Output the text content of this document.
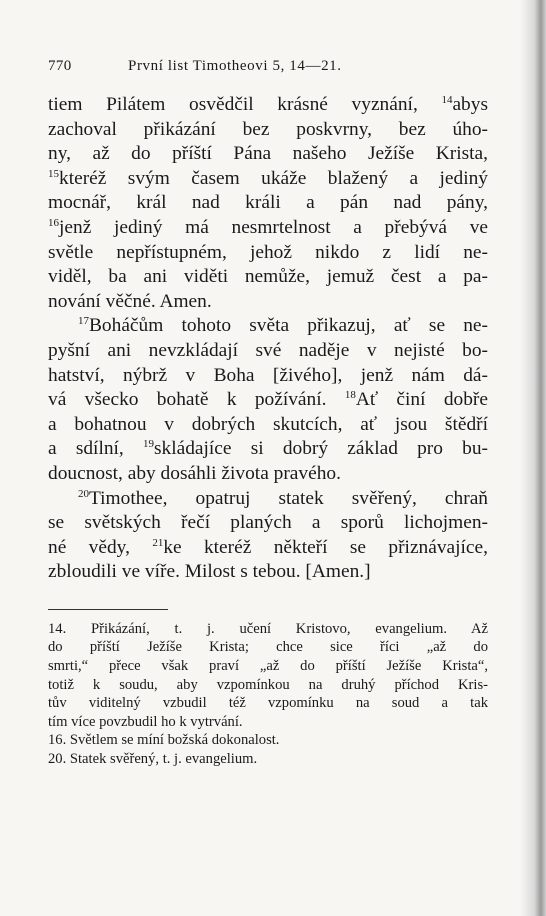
770	První list Timotheovi 5, 14—21.
tiem Pilátem osvědčil krásné vyznání, $^{14}$abys
zachoval přikázání bez poskvrny, bez úho-
ny, až do příští Pána našeho Ježíše Krista,
$^{15}$kteréž svým časem ukáže blažený a jediný
mocnář, král nad králi a pán nad pány,
$^{16}$jenž jediný má nesmrtelnost a přebývá ve
světle nepřístupném, jehož nikdo z lidí ne-
viděl, ba ani viděti nemůže, jemuž čest a pa-
nování věčné. Amen.
$^{17}$Boháčům tohoto světa přikazuj, ať se ne-
pyšní ani nevzkládají své naděje v nejisté bo-
hatství, nýbrž v Boha [živého], jenž nám dá-
vá všecko bohatě k požívání. $^{18}$Ať činí dobře
a bohatnou v dobrých skutcích, ať jsou štědří
a sdílní, $^{19}$skládajíce si dobrý základ pro bu-
doucnost, aby dosáhli života pravého.
$^{20}$Timothee, opatruj statek svěřený, chraň
se světských řečí planých a sporů lichojmen-
né vědy, $^{21}$ke kteréž někteří se přiznávajíce,
zbloudili ve víře. Milost s tebou. [Amen.]
14. Přikázání, t. j. učení Kristovo, evangelium. Až
do příští Ježíše Krista; chce sice říci „až do
smrti,“ přece však praví „až do příští Ježíše Krista“,
totiž k soudu, aby vzpomínkou na druhý příchod Kris-
tův viditelný vzbudil též vzpomínku na soud a tak
tím více povzbudil ho k vytrvání.
16. Světlem se míní božská dokonalost.
20. Statek svěřený, t. j. evangelium.
